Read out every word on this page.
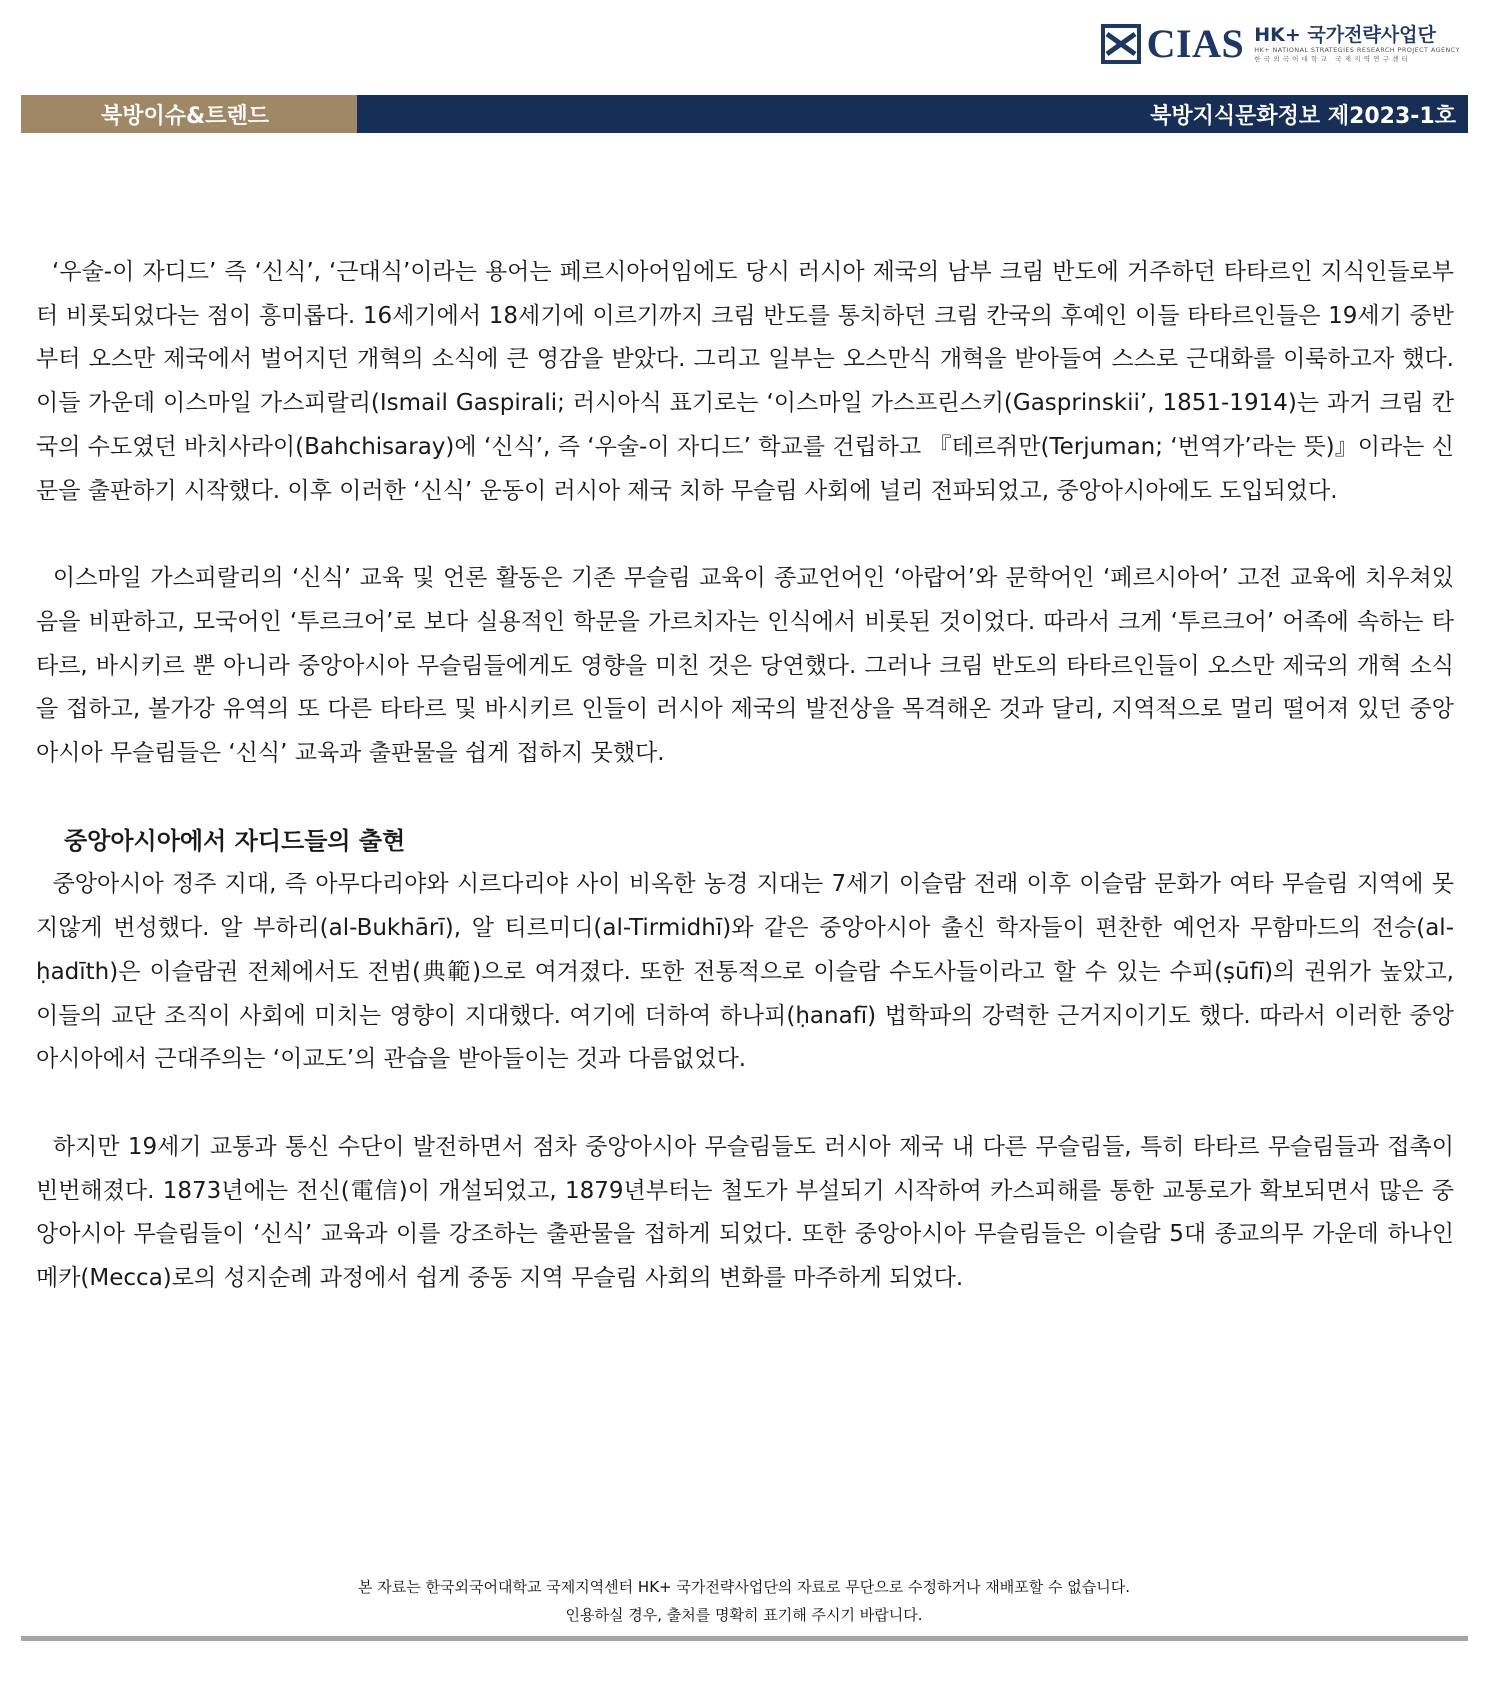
CIAS HK+ 국가전략사업단
HK+ NATIONAL STRATEGIES RESEARCH PROJECT AGENCY
한국외국어대학교 국제지역연구센터
북방이슈&트렌드	북방지식문화정보 제2023-1호

‘우술-이 자디드’ 즉 ‘신식’, ‘근대식’이라는 용어는 페르시아어임에도 당시 러시아 제국의 남부 크림 반도에 거주하던 타타르인 지식인들로부터 비롯되었다는 점이 흥미롭다. 16세기에서 18세기에 이르기까지 크림 반도를 통치하던 크림 칸국의 후예인 이들 타타르인들은 19세기 중반부터 오스만 제국에서 벌어지던 개혁의 소식에 큰 영감을 받았다. 그리고 일부는 오스만식 개혁을 받아들여 스스로 근대화를 이룩하고자 했다. 이들 가운데 이스마일 가스피랄리(Ismail Gaspirali; 러시아식 표기로는 ‘이스마일 가스프린스키(Gasprinskii’, 1851-1914)는 과거 크림 칸국의 수도였던 바치사라이(Bahchisaray)에 ‘신식’, 즉 ‘우술-이 자디드’ 학교를 건립하고 『테르쥐만(Terjuman; ‘번역가’라는 뜻)』이라는 신문을 출판하기 시작했다. 이후 이러한 ‘신식’ 운동이 러시아 제국 치하 무슬림 사회에 널리 전파되었고, 중앙아시아에도 도입되었다.

이스마일 가스피랄리의 ‘신식’ 교육 및 언론 활동은 기존 무슬림 교육이 종교언어인 ‘아랍어’와 문학어인 ‘페르시아어’ 고전 교육에 치우쳐있음을 비판하고, 모국어인 ‘투르크어’로 보다 실용적인 학문을 가르치자는 인식에서 비롯된 것이었다. 따라서 크게 ‘투르크어’ 어족에 속하는 타타르, 바시키르 뿐 아니라 중앙아시아 무슬림들에게도 영향을 미친 것은 당연했다. 그러나 크림 반도의 타타르인들이 오스만 제국의 개혁 소식을 접하고, 볼가강 유역의 또 다른 타타르 및 바시키르 인들이 러시아 제국의 발전상을 목격해온 것과 달리, 지역적으로 멀리 떨어져 있던 중앙아시아 무슬림들은 ‘신식’ 교육과 출판물을 쉽게 접하지 못했다.

중앙아시아에서 자디드들의 출현

중앙아시아 정주 지대, 즉 아무다리야와 시르다리야 사이 비옥한 농경 지대는 7세기 이슬람 전래 이후 이슬람 문화가 여타 무슬림 지역에 못지않게 번성했다. 알 부하리(al-Bukhārī), 알 티르미디(al-Tirmidhī)와 같은 중앙아시아 출신 학자들이 편찬한 예언자 무함마드의 전승(al-ḥadīth)은 이슬람권 전체에서도 전범(典範)으로 여겨졌다. 또한 전통적으로 이슬람 수도사들이라고 할 수 있는 수피(ṣūfī)의 권위가 높았고, 이들의 교단 조직이 사회에 미치는 영향이 지대했다. 여기에 더하여 하나피(ḥanafī) 법학파의 강력한 근거지이기도 했다. 따라서 이러한 중앙아시아에서 근대주의는 ‘이교도’의 관습을 받아들이는 것과 다름없었다.

하지만 19세기 교통과 통신 수단이 발전하면서 점차 중앙아시아 무슬림들도 러시아 제국 내 다른 무슬림들, 특히 타타르 무슬림들과 접촉이 빈번해졌다. 1873년에는 전신(電信)이 개설되었고, 1879년부터는 철도가 부설되기 시작하여 카스피해를 통한 교통로가 확보되면서 많은 중앙아시아 무슬림들이 ‘신식’ 교육과 이를 강조하는 출판물을 접하게 되었다. 또한 중앙아시아 무슬림들은 이슬람 5대 종교의무 가운데 하나인 메카(Mecca)로의 성지순례 과정에서 쉽게 중동 지역 무슬림 사회의 변화를 마주하게 되었다.

본 자료는 한국외국어대학교 국제지역센터 HK+ 국가전략사업단의 자료로 무단으로 수정하거나 재배포할 수 없습니다.
인용하실 경우, 출처를 명확히 표기해 주시기 바랍니다.
